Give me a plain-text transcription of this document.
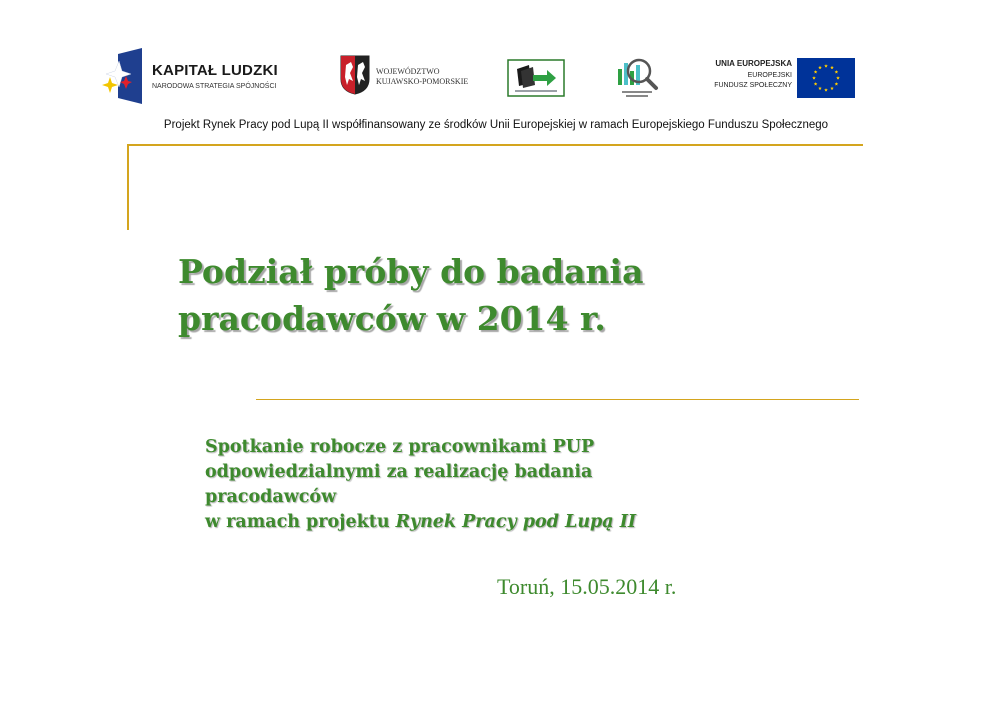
KAPITAŁ LUDZKI
NARODOWA STRATEGIA SPÓJNOŚCI
WOJEWÓDZTWO
KUJAWSKO-POMORSKIE
UNIA EUROPEJSKA
EUROPEJSKI
FUNDUSZ SPOŁECZNY
Projekt Rynek Pracy pod Lupą II współfinansowany ze środków Unii Europejskiej w ramach Europejskiego Funduszu Społecznego
Podział próby do badania
pracodawców w 2014 r.
Spotkanie robocze z pracownikami PUP
odpowiedzialnymi za realizację badania
pracodawców
w ramach projektu Rynek Pracy pod Lupą II
Toruń, 15.05.2014 r.
